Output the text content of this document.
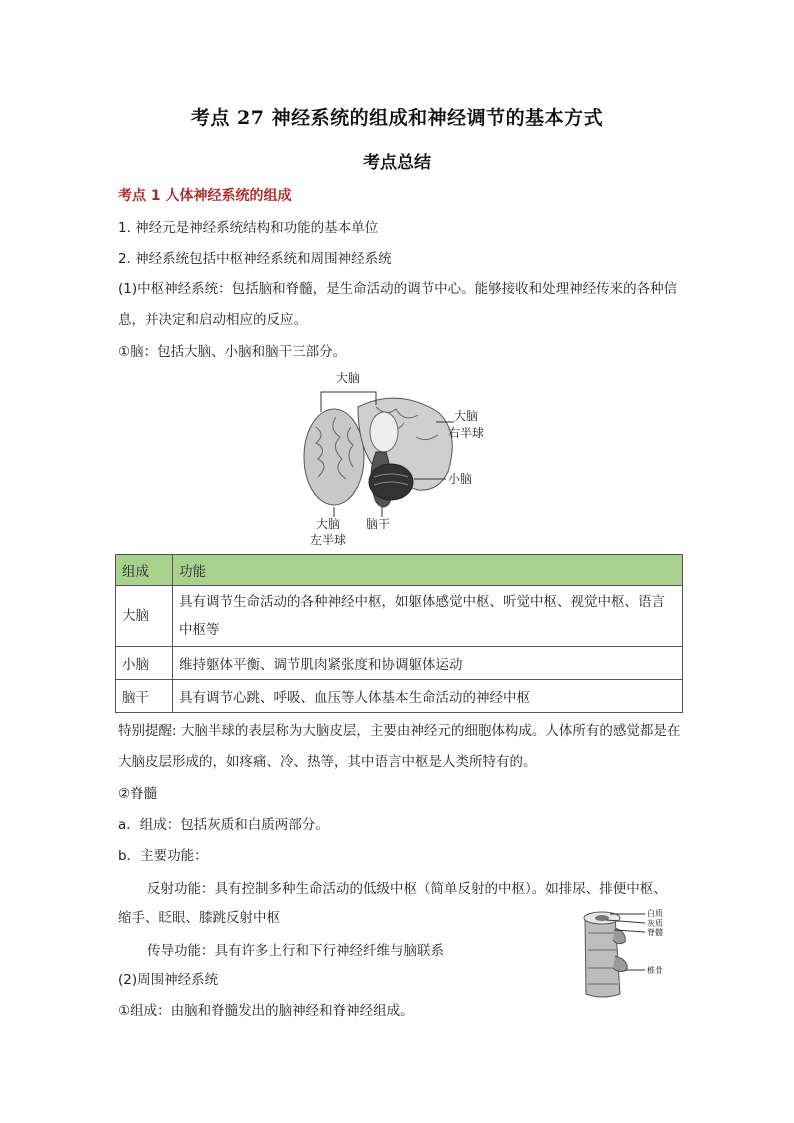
考点 27 神经系统的组成和神经调节的基本方式
考点总结
考点 1 人体神经系统的组成
1. 神经元是神经系统结构和功能的基本单位
2. 神经系统包括中枢神经系统和周围神经系统
(1)中枢神经系统：包括脑和脊髓，是生命活动的调节中心。能够接收和处理神经传来的各种信息，并决定和启动相应的反应。
①脑：包括大脑、小脑和脑干三部分。
大脑
大脑
右半球
小脑
大脑 脑干
左半球
组成	功能
大脑	具有调节生命活动的各种神经中枢，如躯体感觉中枢、听觉中枢、视觉中枢、语言中枢等
小脑	维持躯体平衡、调节肌肉紧张度和协调躯体运动
脑干	具有调节心跳、呼吸、血压等人体基本生命活动的神经中枢
特别提醒: 大脑半球的表层称为大脑皮层，主要由神经元的细胞体构成。人体所有的感觉都是在大脑皮层形成的，如疼痛、冷、热等，其中语言中枢是人类所特有的。
②脊髓
a．组成：包括灰质和白质两部分。
b．主要功能：
反射功能：具有控制多种生命活动的低级中枢（简单反射的中枢）。如排尿、排便中枢、
缩手、眨眼、膝跳反射中枢
传导功能：具有许多上行和下行神经纤维与脑联系
(2)周围神经系统
①组成：由脑和脊髓发出的脑神经和脊神经组成。
白质
灰质
脊髓
椎骨
